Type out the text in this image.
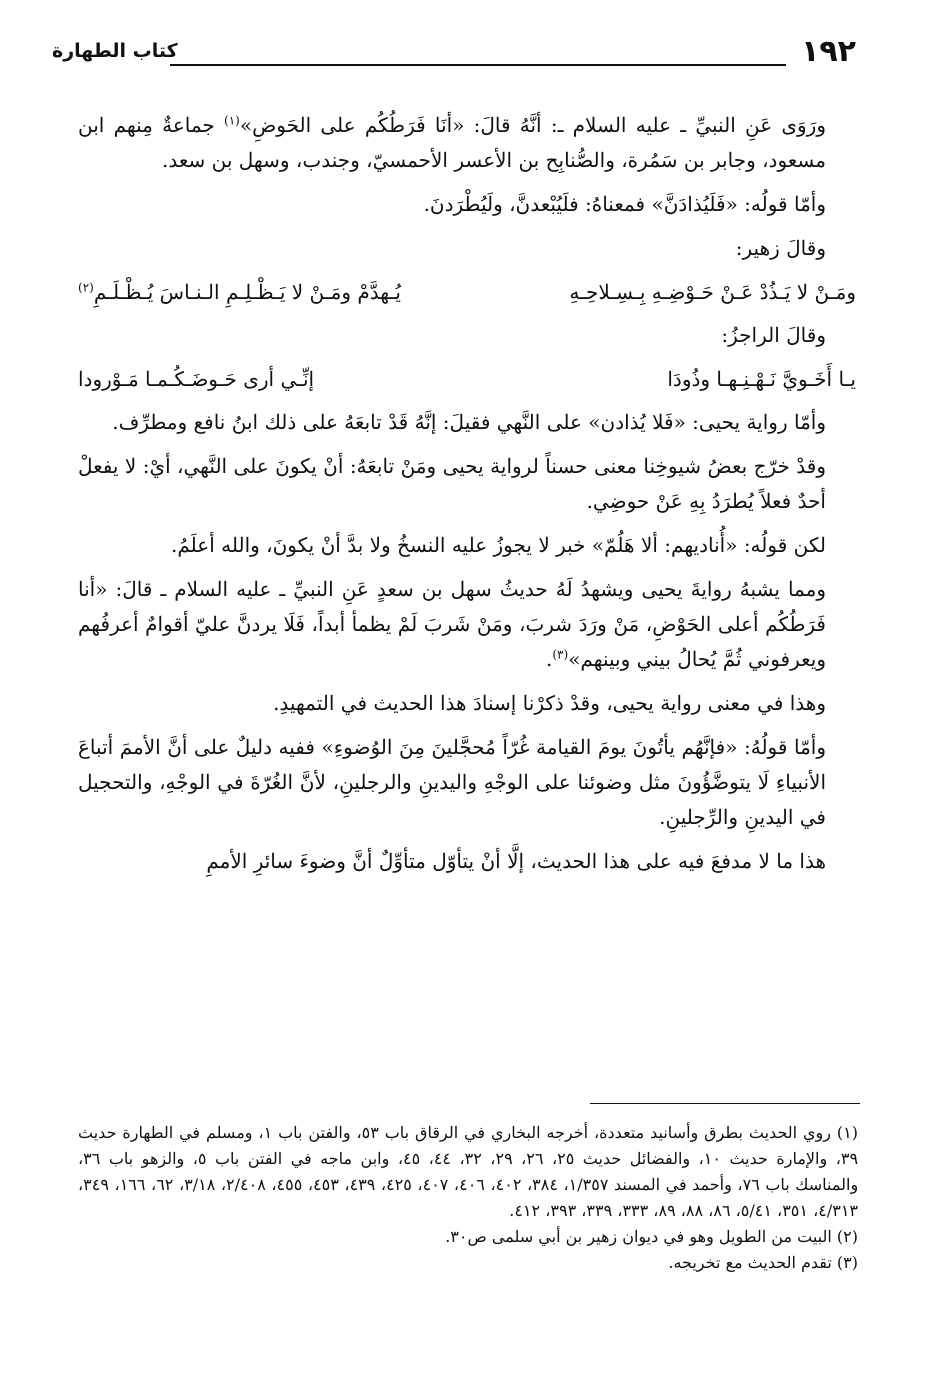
١٩٢
كتاب الطهارة

ورَوَى عَنِ النبيِّ ـ عليه السلام ـ: أنَّهُ قالَ: «أنَا فَرَطُكُم على الحَوضِ»$^{(١)}$ جماعةٌ مِنهم ابن مسعود، وجابر بن سَمُرة، والصُّنابِح بن الأعسر الأحمسيّ، وجندب، وسهل بن سعد.

وأمّا قولُه: «فَلَيُذادَنَّ» فمعناهُ: فلَيُبْعدنَّ، ولَيُطْرَدنَ.

وقالَ زهير:

ومَـنْ لا يَـذُدْ عَـنْ حَـوْضِـهِ بِـسِـلاحِـهِ
يُـهدَّمْ ومَـنْ لا يَـظْـلِـمِ الـنـاسَ يُـظْـلَـمِ$^{(٢)}$

وقالَ الراجزُ:

يـا أَخَـويَّ نَـهْـنِـهـا وذُودَا
إنِّـي أرى حَـوضَـكُـمـا مَـوْرودا

وأمّا رواية يحيى: «فَلا يُذادن» على النَّهي فقيلَ: إنَّهُ قَدْ تابعَهُ على ذلك ابنُ نافع ومطرِّف.

وقدْ خرّج بعضُ شيوخِنا معنى حسناً لرواية يحيى ومَنْ تابعَهُ: أنْ يكونَ على النَّهي، أيْ: لا يفعلْ أحدٌ فعلاً يُطرَدُ بِهِ عَنْ حوضِي.

لكن قولُه: «أُناديهم: ألا هَلُمّ» خبر لا يجوزُ عليه النسخُ ولا بدَّ أنْ يكونَ، والله أعلَمُ.

ومما يشبهُ روايةَ يحيى ويشهدُ لَهُ حديثُ سهل بن سعدٍ عَنِ النبيِّ ـ عليه السلام ـ قالَ: «أنا فَرَطُكُم أعلى الحَوْضِ، مَنْ ورَدَ شربَ، ومَنْ شَربَ لَمْ يظمأ أبداً، فَلَا يردنَّ عليّ أقوامٌ أعرفُهم ويعرفوني ثُمَّ يُحالُ بيني وبينهم»$^{(٣)}$.

وهذا في معنى رواية يحيى، وقدْ ذكرْنا إسنادَ هذا الحديث في التمهيدِ.

وأمّا قولُهُ: «فإنَّهُم يأتُونَ يومَ القيامة غُرّاً مُحجَّلينَ مِنَ الوُضوءِ» ففيه دليلٌ على أنَّ الأممَ أتباعَ الأنبياءِ لَا يتوضَّؤُونَ مثل وضوئنا على الوجْهِ واليدينِ والرجلينِ، لأنَّ الغُرّةَ في الوجْهِ، والتحجيل في اليدينِ والرِّجلينِ.

هذا ما لا مدفعَ فيه على هذا الحديث، إلَّا أنْ يتأوّل متأوِّلٌ أنَّ وضوءَ سائرِ الأممِ

(١) روي الحديث بطرق وأسانيد متعددة، أخرجه البخاري في الرقاق باب ٥٣، والفتن باب ١، ومسلم في الطهارة حديث ٣٩، والإمارة حديث ١٠، والفضائل حديث ٢٥، ٢٦، ٢٩، ٣٢، ٤٤، ٤٥، وابن ماجه في الفتن باب ٥، والزهو باب ٣٦، والمناسك باب ٧٦، وأحمد في المسند ١/٣٥٧، ٣٨٤، ٤٠٢، ٤٠٦، ٤٠٧، ٤٢٥، ٤٣٩، ٤٥٣، ٤٥٥، ٢/٤٠٨، ٣/١٨، ٦٢، ١٦٦، ٣٤٩، ٤/٣١٣، ٣٥١، ٥/٤١، ٨٦، ٨٨، ٨٩، ٣٣٣، ٣٣٩، ٣٩٣، ٤١٢.

(٢) البيت من الطويل وهو في ديوان زهير بن أبي سلمى ص٣٠.

(٣) تقدم الحديث مع تخريجه.
